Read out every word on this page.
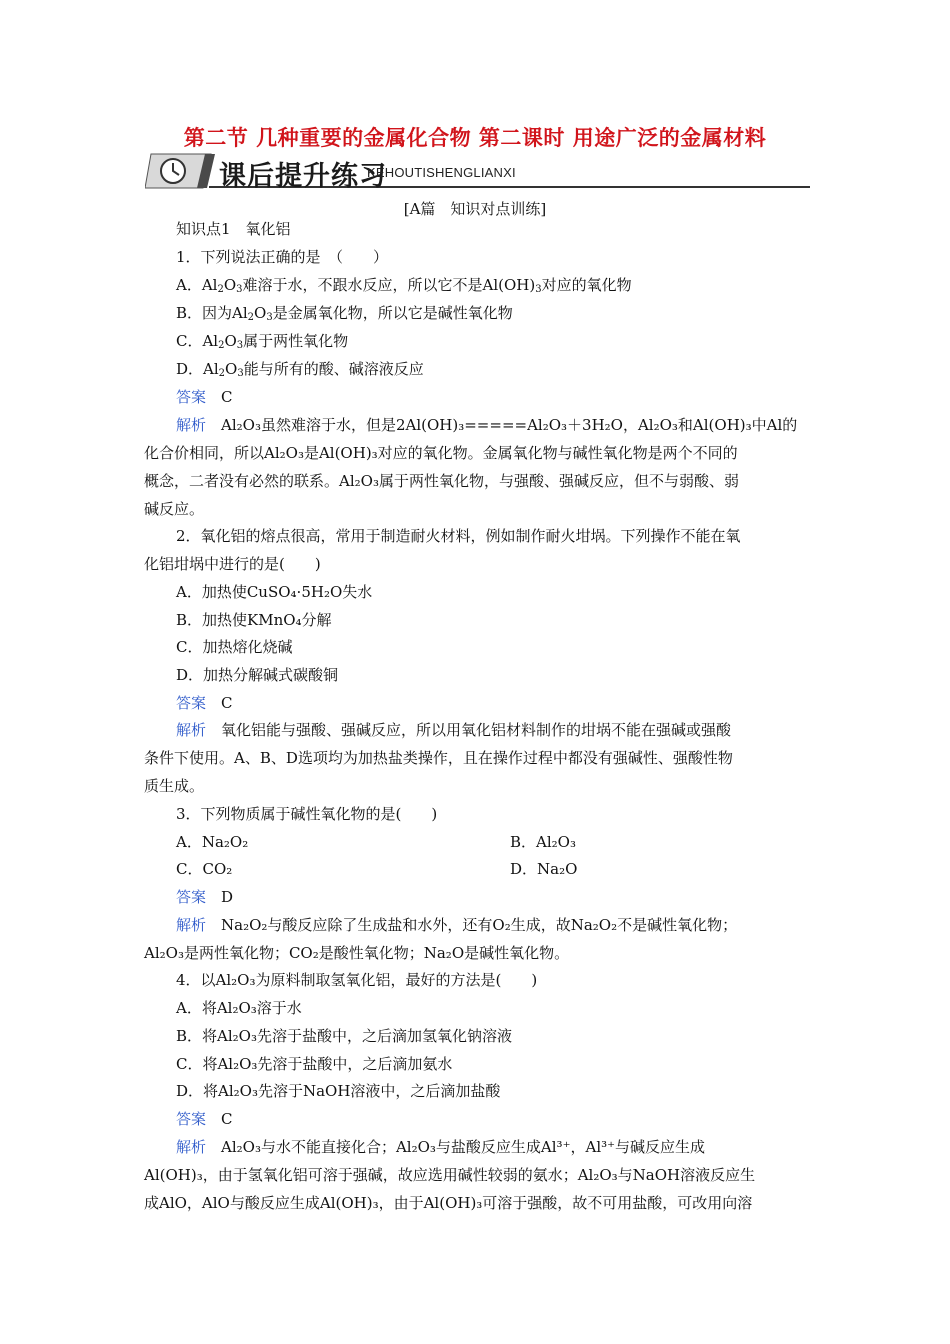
第二节 几种重要的金属化合物 第二课时 用途广泛的金属材料
课后提升练习
KEHOUTISHENGLIANXI
[A篇　知识对点训练]
知识点1　氧化铝
1．下列说法正确的是　（　　）
A．$Al_2O_3$难溶于水，不跟水反应，所以它不是$Al(OH)_3$对应的氧化物
B．因为$Al_2O_3$是金属氧化物，所以它是碱性氧化物
C．$Al_2O_3$属于两性氧化物
D．$Al_2O_3$能与所有的酸、碱溶液反应
答案　 C
解析　Al₂O₃虽然难溶于水，但是2Al(OH)₃=====Al₂O₃＋3H₂O，Al₂O₃和Al(OH)₃中Al的
化合价相同，所以Al₂O₃是Al(OH)₃对应的氧化物。金属氧化物与碱性氧化物是两个不同的
概念，二者没有必然的联系。Al₂O₃属于两性氧化物，与强酸、强碱反应，但不与弱酸、弱
碱反应。
2．氧化铝的熔点很高，常用于制造耐火材料，例如制作耐火坩埚。下列操作不能在氧
化铝坩埚中进行的是(　　)
A．加热使CuSO₄·5H₂O失水
B．加热使KMnO₄分解
C．加热熔化烧碱
D．加热分解碱式碳酸铜
答案　 C
解析　氧化铝能与强酸、强碱反应，所以用氧化铝材料制作的坩埚不能在强碱或强酸
条件下使用。A、B、D选项均为加热盐类操作，且在操作过程中都没有强碱性、强酸性物
质生成。
3．下列物质属于碱性氧化物的是(　　)
A．Na₂O₂	B．Al₂O₃
C．CO₂	D．Na₂O
答案　 D
解析　Na₂O₂与酸反应除了生成盐和水外，还有O₂生成，故Na₂O₂不是碱性氧化物；
Al₂O₃是两性氧化物；CO₂是酸性氧化物；Na₂O是碱性氧化物。
4．以Al₂O₃为原料制取氢氧化铝，最好的方法是(　　)
A．将Al₂O₃溶于水
B．将Al₂O₃先溶于盐酸中，之后滴加氢氧化钠溶液
C．将Al₂O₃先溶于盐酸中，之后滴加氨水
D．将Al₂O₃先溶于NaOH溶液中，之后滴加盐酸
答案　 C
解析　Al₂O₃与水不能直接化合；Al₂O₃与盐酸反应生成Al³⁺，Al³⁺与碱反应生成
Al(OH)₃，由于氢氧化铝可溶于强碱，故应选用碱性较弱的氨水；Al₂O₃与NaOH溶液反应生
成AlO，AlO与酸反应生成Al(OH)₃，由于Al(OH)₃可溶于强酸，故不可用盐酸，可改用向溶
